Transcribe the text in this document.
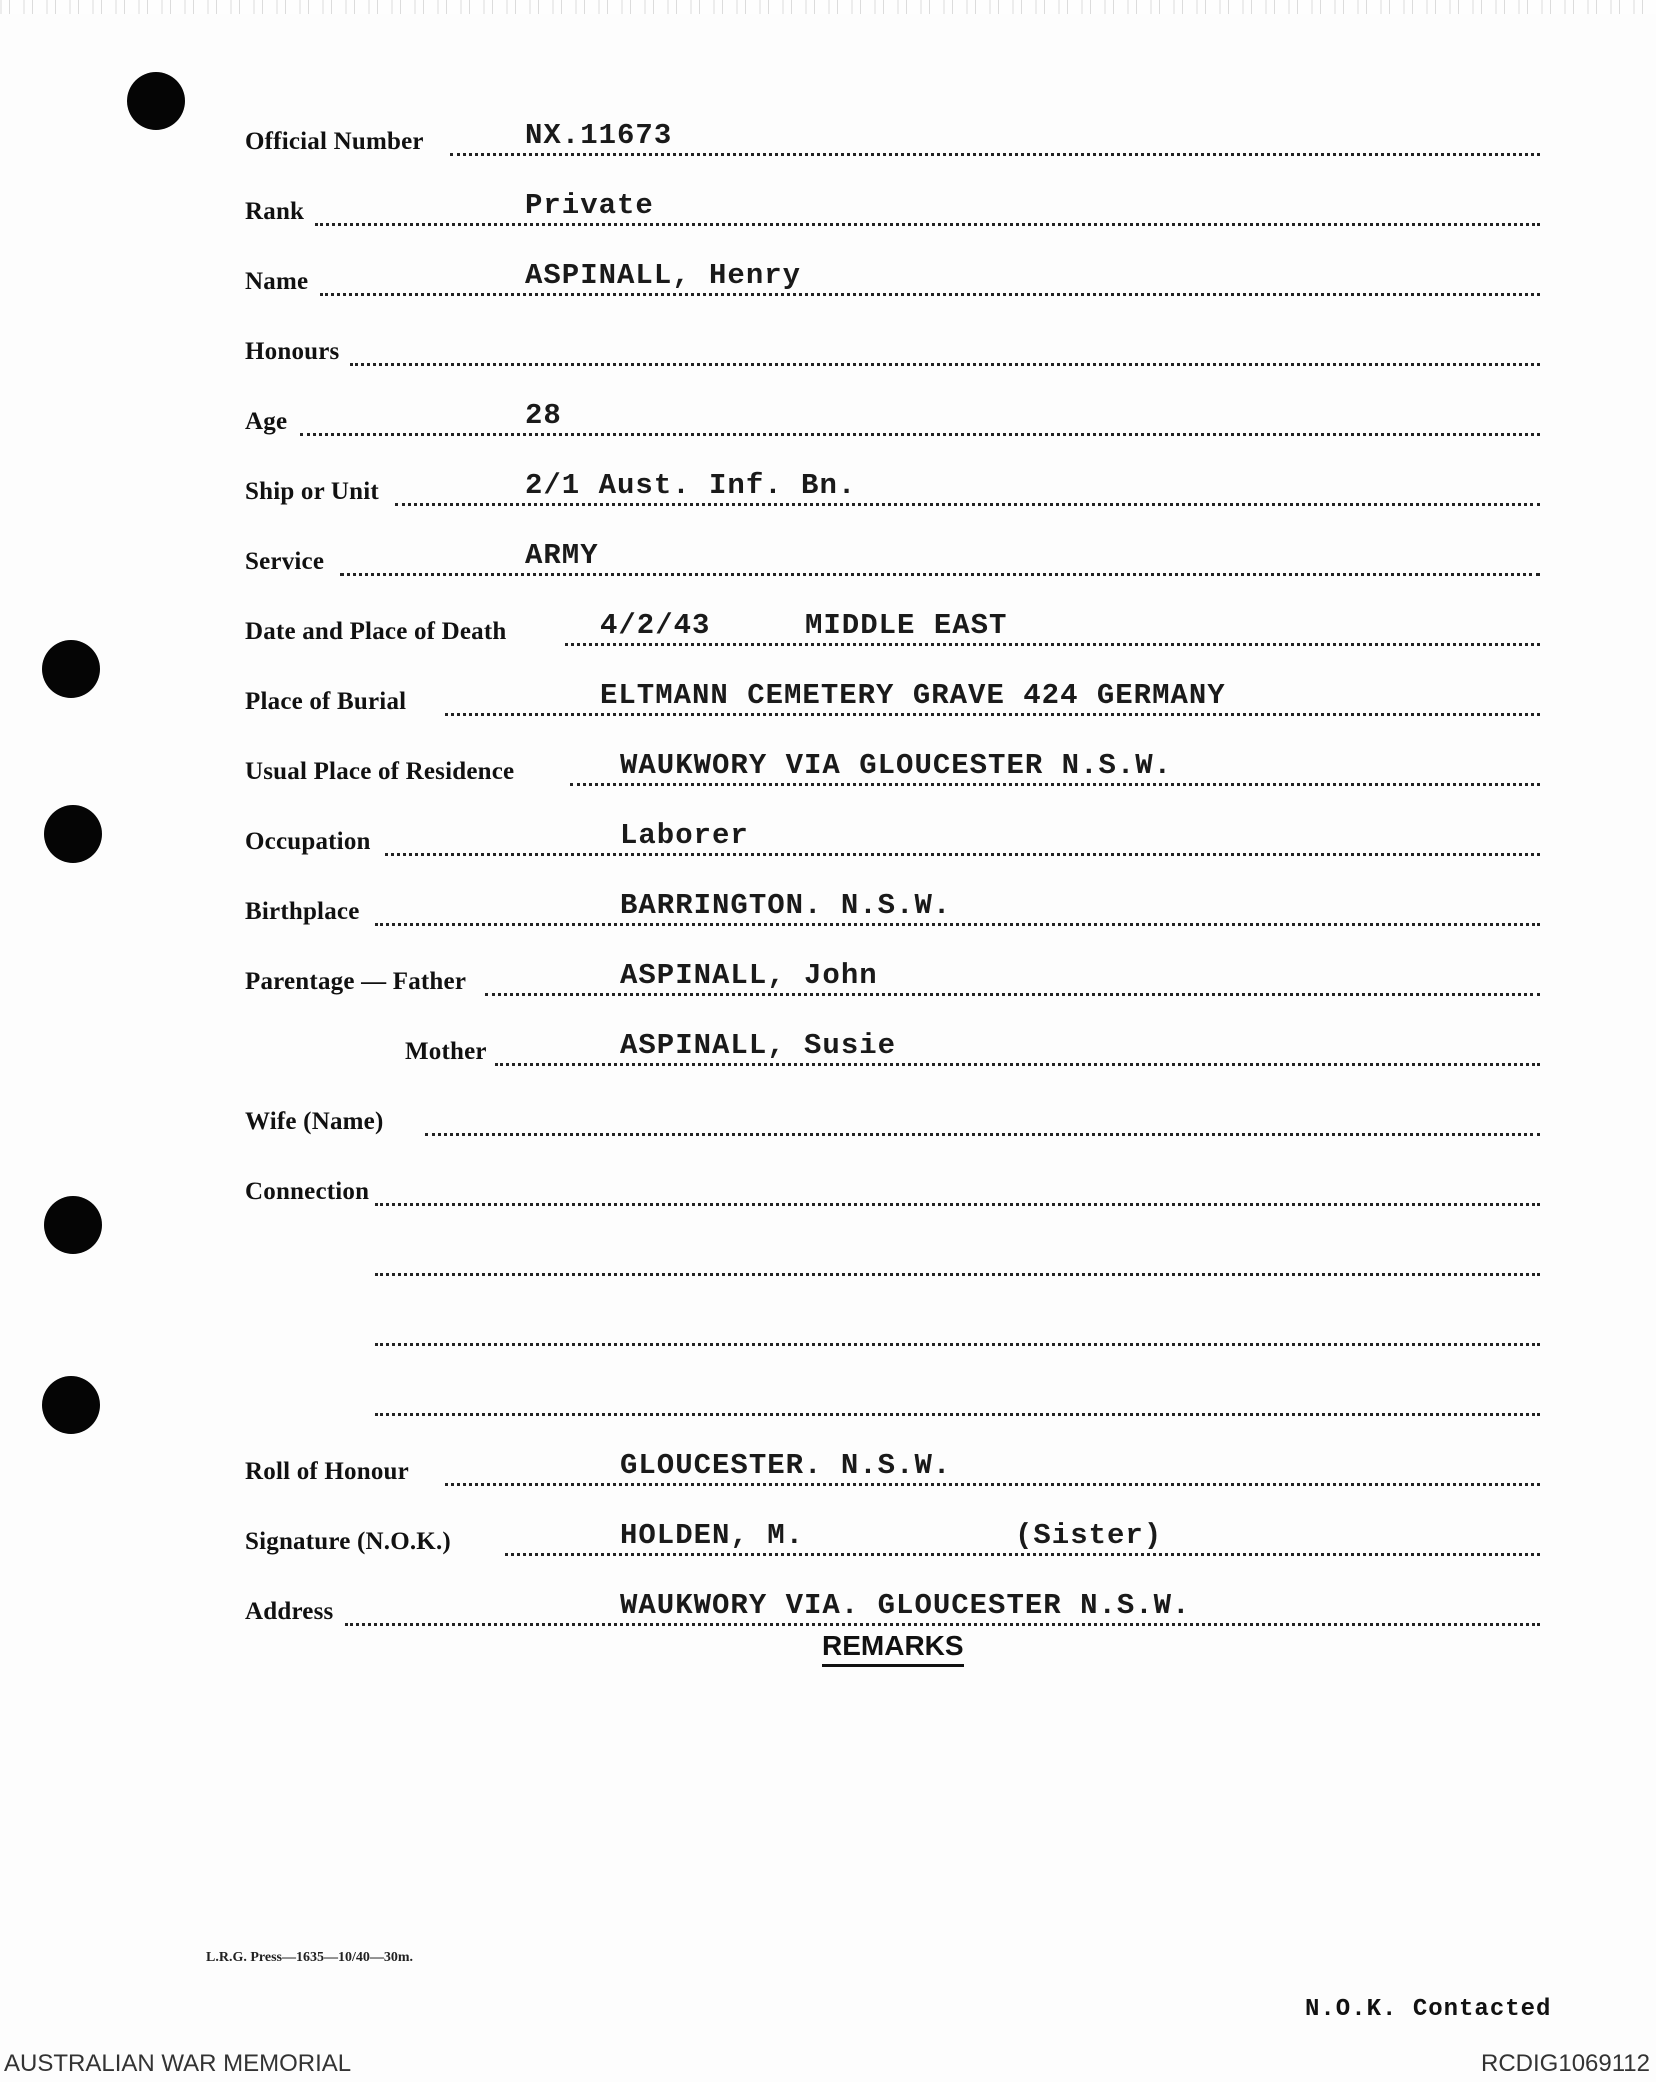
Official Number	NX.11673
Rank	Private
Name	ASPINALL, Henry
Honours
Age	28
Ship or Unit	2/1 Aust. Inf. Bn.
Service	ARMY
Date and Place of Death	4/2/43	MIDDLE EAST
Place of Burial	ELTMANN CEMETERY GRAVE 424 GERMANY
Usual Place of Residence	WAUKWORY VIA GLOUCESTER N.S.W.
Occupation	Laborer
Birthplace	BARRINGTON. N.S.W.
Parentage — Father	ASPINALL, John
Mother	ASPINALL, Susie
Wife (Name)
Connection
Roll of Honour	GLOUCESTER. N.S.W.
Signature (N.O.K.)	HOLDEN, M.	(Sister)
Address	WAUKWORY VIA. GLOUCESTER N.S.W.
REMARKS
L.R.G. Press—1635—10/40—30m.
N.O.K. Contacted
AUSTRALIAN WAR MEMORIAL	RCDIG1069112
